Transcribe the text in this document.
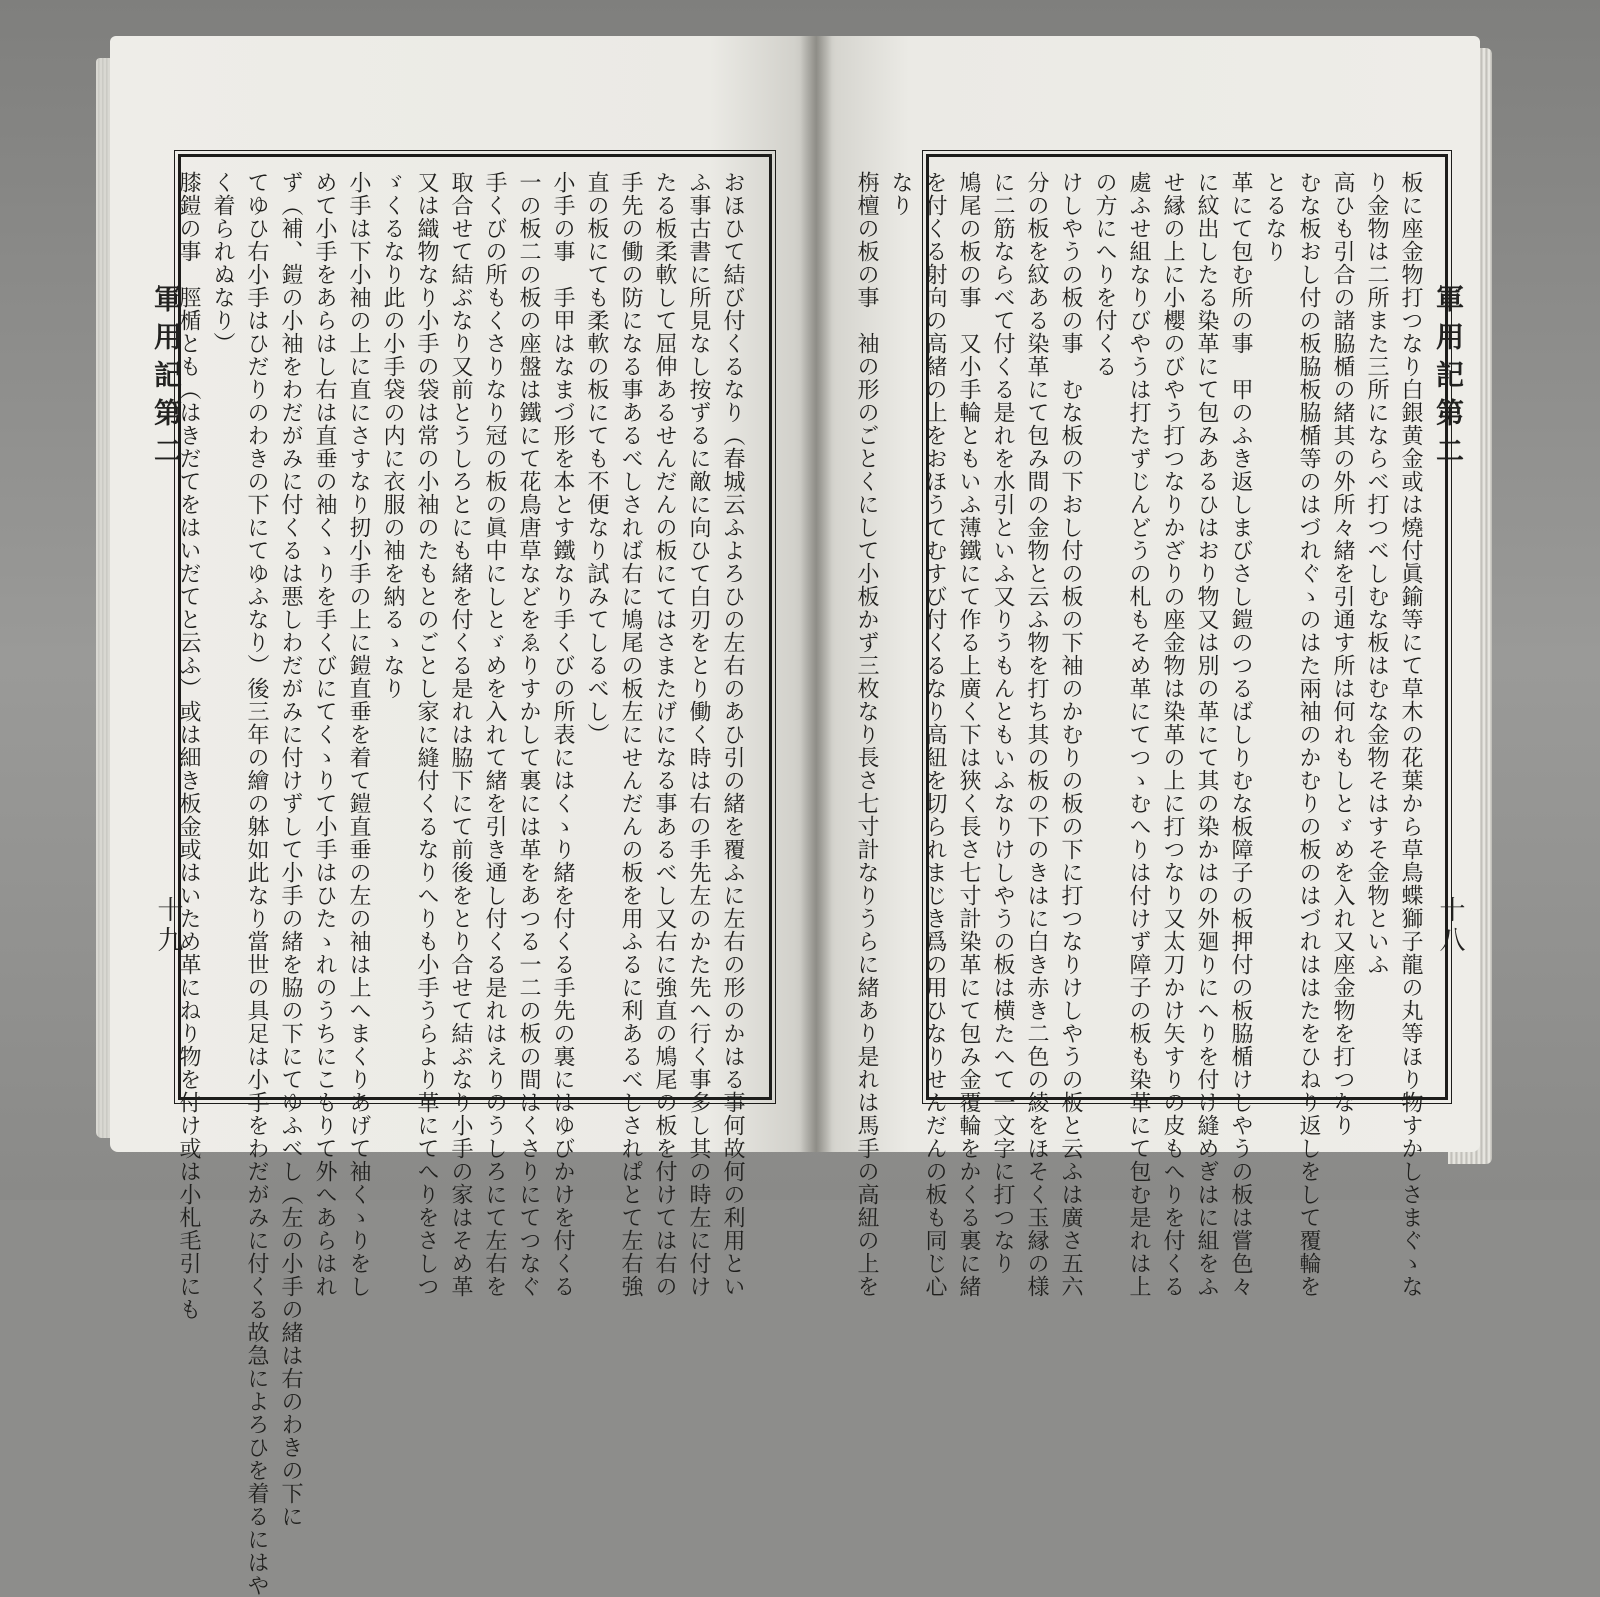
軍用記第二
十九	おほひて結び付くるなり（春城云ふよろひの左右のあひ引の緒を覆ふに左右の形のかはる事何故何の利用とい

ふ事古書に所見なし按ずるに敵に向ひて白刃をとり働く時は右の手先左のかた先へ行く事多し其の時左に付け

たる板柔軟して屈伸あるせんだんの板にてはさまたげになる事あるべし又右に強直の鳩尾の板を付けては右の

手先の働の防になる事あるべしされば右に鳩尾の板左にせんだんの板を用ふるに利あるべしされぱとて左右強

直の板にても柔軟の板にても不便なり試みてしるべし）

小手の事　手甲はなまづ形を本とす鐵なり手くびの所表にはくゝり緒を付くる手先の裏にはゆびかけを付くる

一の板二の板の座盤は鐵にて花鳥唐草などをゑりすかして裏には革をあつる一二の板の間はくさりにてつなぐ

手くびの所もくさりなり冠の板の眞中にしとゞめを入れて緒を引き通し付くる是れはえりのうしろにて左右を

取合せて結ぶなり又前とうしろとにも緒を付くる是れは脇下にて前後をとり合せて結ぶなり小手の家はそめ革

又は織物なり小手の袋は常の小袖のたもとのごとし家に縫付くるなりへりも小手うらより革にてへりをさしつ

ゞくるなり此の小手袋の内に衣服の袖を納るゝなり

小手は下小袖の上に直にさすなり扨小手の上に鎧直垂を着て鎧直垂の左の袖は上へまくりあげて袖くゝりをし

めて小手をあらはし右は直垂の袖くゝりを手くびにてくゝりて小手はひたゝれのうちにこもりて外へあらはれ

ず（補、鎧の小袖をわだがみに付くるは悪しわだがみに付けずして小手の緒を脇の下にてゆふべし（左の小手の緒は右のわきの下に

てゆひ右小手はひだりのわきの下にてゆふなり）後三年の繪の躰如此なり當世の具足は小手をわだがみに付くる故急によろひを着るにはや

く着られぬなり）

膝鎧の事　脛楯とも（はきだてをはいだてと云ふ）或は細き板金或はいため革にねり物を付け或は小札毛引にも	軍用記第二
十八

板に座金物打つなり白銀黄金或は燒付眞鍮等にて草木の花葉から草鳥蝶獅子龍の丸等ほり物すかしさまぐゝな

り金物は二所また三所にならべ打つべしむな板はむな金物そはすそ金物といふ

高ひも引合の諸脇楯の緒其の外所々緒を引通す所は何れもしとゞめを入れ又座金物を打つなり

むな板おし付の板脇板脇楯等のはづれぐゝのはた兩袖のかむりの板のはづれははたをひねり返しをして覆輪を

とるなり

革にて包む所の事　甲のふき返しまびさし鎧のつるばしりむな板障子の板押付の板脇楯けしやうの板は嘗色々

に紋出したる染革にて包みあるひはおり物又は別の革にて其の染かはの外廻りにへりを付け縫めぎはに組をふ

せ縁の上に小櫻のびやう打つなりかざりの座金物は染革の上に打つなり又太刀かけ矢すりの皮もへりを付くる

處ふせ組なりびやうは打たずじんどうの札もそめ革にてつゝむへりは付けず障子の板も染革にて包む是れは上

の方にへりを付くる

けしやうの板の事　むな板の下おし付の板の下袖のかむりの板の下に打つなりけしやうの板と云ふは廣さ五六

分の板を紋ある染革にて包み間の金物と云ふ物を打ち其の板の下のきはに白き赤き二色の綾をほそく玉縁の様

に二筋ならべて付くる是れを水引といふ又りうもんともいふなりけしやうの板は横たへて一文字に打つなり

鳩尾の板の事　又小手輪ともいふ薄鐵にて作る上廣く下は狹く長さ七寸計染革にて包み金覆輪をかくる裏に緒

を付くる射向の高緒の上をおほうてむすび付くるなり高紐を切られまじき爲の用ひなりせんだんの板も同じ心

なり

栴檀の板の事　袖の形のごとくにして小板かず三枚なり長さ七寸計なりうらに緒あり是れは馬手の高紐の上を
